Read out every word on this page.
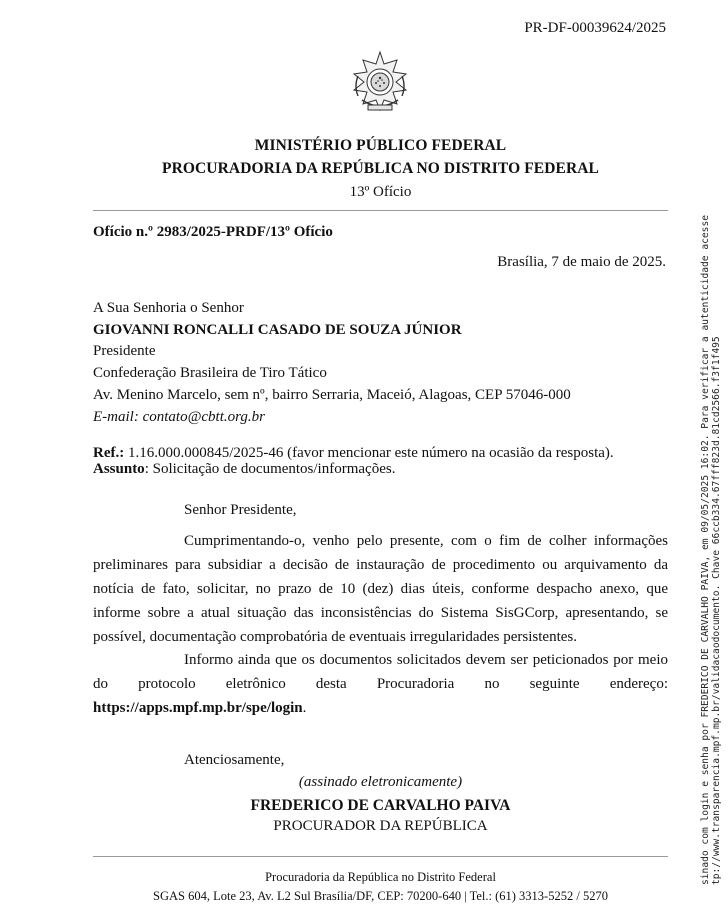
PR-DF-00039624/2025
MINISTÉRIO PÚBLICO FEDERAL
PROCURADORIA DA REPÚBLICA NO DISTRITO FEDERAL
13º Ofício
Ofício n.º 2983/2025-PRDF/13º Ofício
Brasília, 7 de maio de 2025.
A Sua Senhoria o Senhor
GIOVANNI RONCALLI CASADO DE SOUZA JÚNIOR
Presidente
Confederação Brasileira de Tiro Tático
Av. Menino Marcelo, sem nº, bairro Serraria, Maceió, Alagoas, CEP 57046-000
E-mail: contato@cbtt.org.br
Ref.: 1.16.000.000845/2025-46 (favor mencionar este número na ocasião da resposta).
Assunto: Solicitação de documentos/informações.
Senhor Presidente,
Cumprimentando-o, venho pelo presente, com o fim de colher informações preliminares para subsidiar a decisão de instauração de procedimento ou arquivamento da notícia de fato, solicitar, no prazo de 10 (dez) dias úteis, conforme despacho anexo, que informe sobre a atual situação das inconsistências do Sistema SisGCorp, apresentando, se possível, documentação comprobatória de eventuais irregularidades persistentes.
Informo ainda que os documentos solicitados devem ser peticionados por meio do protocolo eletrônico desta Procuradoria no seguinte endereço: https://apps.mpf.mp.br/spe/login.
Atenciosamente,
(assinado eletronicamente)
FREDERICO DE CARVALHO PAIVA
PROCURADOR DA REPÚBLICA
Procuradoria da República no Distrito Federal
SGAS 604, Lote 23, Av. L2 Sul Brasília/DF, CEP: 70200-640 | Tel.: (61) 3313-5252 / 5270
sinado com login e senha por FREDERICO DE CARVALHO PAIVA, em 09/05/2025 16:02. Para verificar a autenticidade acesse tp://www.transparencia.mpf.mp.br/validacaodocumento. Chave 66ccb334.67fff823d.81cd2566.f3f1f495
